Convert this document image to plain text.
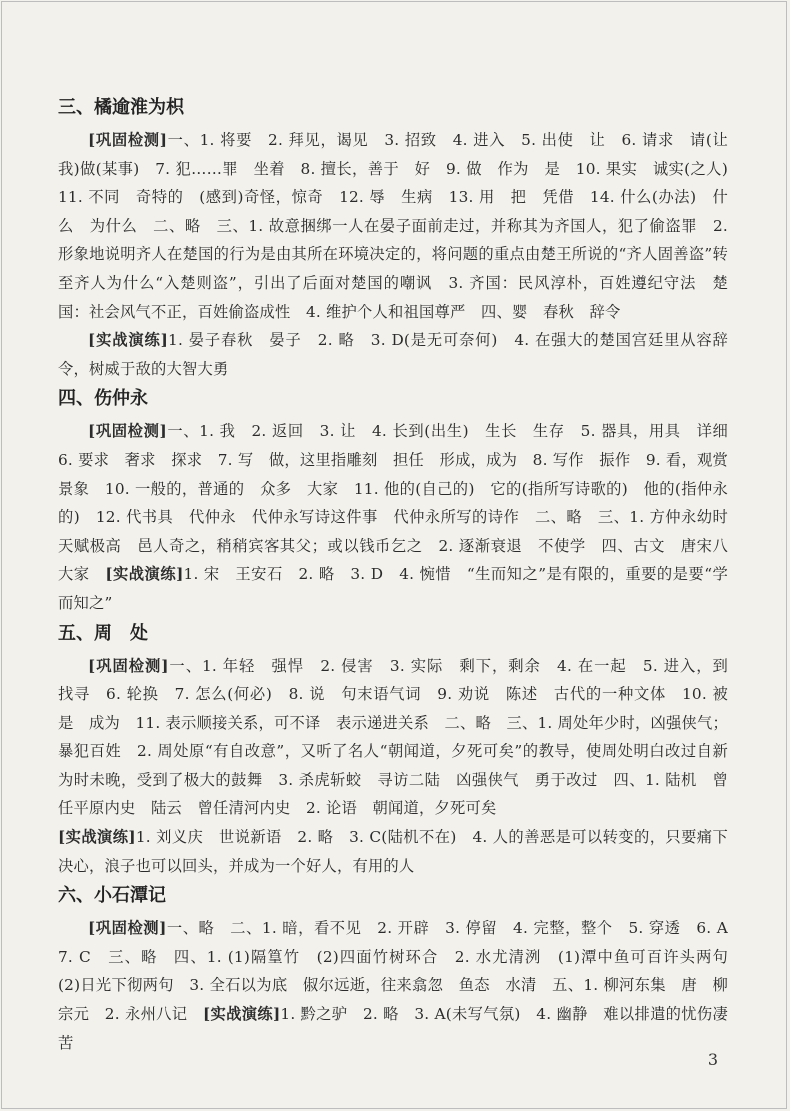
三、橘逾淮为枳

[巩固检测]一、1. 将要　2. 拜见，谒见　3. 招致　4. 进入　5. 出使　让　6. 请求　请(让我)做(某事)　7. 犯……罪　坐着　8. 擅长，善于　好　9. 做　作为　是　10. 果实　诚实(之人)　11. 不同　奇特的　(感到)奇怪，惊奇　12. 辱　生病　13. 用　把　凭借　14. 什么(办法)　什么　为什么　二、略　三、1. 故意捆绑一人在晏子面前走过，并称其为齐国人，犯了偷盗罪　2. 形象地说明齐人在楚国的行为是由其所在环境决定的，将问题的重点由楚王所说的“齐人固善盗”转至齐人为什么“入楚则盗”，引出了后面对楚国的嘲讽　3. 齐国：民风淳朴，百姓遵纪守法　楚国：社会风气不正，百姓偷盗成性　4. 维护个人和祖国尊严　四、婴　春秋　辞令

[实战演练]1. 晏子春秋　晏子　2. 略　3. D(是无可奈何)　4. 在强大的楚国宫廷里从容辞令，树威于敌的大智大勇

四、伤仲永

[巩固检测]一、1. 我　2. 返回　3. 让　4. 长到(出生)　生长　生存　5. 器具，用具　详细　6. 要求　奢求　探求　7. 写　做，这里指雕刻　担任　形成，成为　8. 写作　振作　9. 看，观赏　景象　10. 一般的，普通的　众多　大家　11. 他的(自己的)　它的(指所写诗歌的)　他的(指仲永的)　12. 代书具　代仲永　代仲永写诗这件事　代仲永所写的诗作　二、略　三、1. 方仲永幼时天赋极高　邑人奇之，稍稍宾客其父；或以钱币乞之　2. 逐渐衰退　不使学　四、古文　唐宋八大家　[实战演练]1. 宋　王安石　2. 略　3. D　4. 惋惜　“生而知之”是有限的，重要的是要“学而知之”

五、周　处

[巩固检测]一、1. 年轻　强悍　2. 侵害　3. 实际　剩下，剩余　4. 在一起　5. 进入，到　找寻　6. 轮换　7. 怎么(何必)　8. 说　句末语气词　9. 劝说　陈述　古代的一种文体　10. 被　是　成为　11. 表示顺接关系，可不译　表示递进关系　二、略　三、1. 周处年少时，凶强侠气；暴犯百姓　2. 周处原“有自改意”，又听了名人“朝闻道，夕死可矣”的教导，使周处明白改过自新为时未晚，受到了极大的鼓舞　3. 杀虎斩蛟　寻访二陆　凶强侠气　勇于改过　四、1. 陆机　曾任平原内史　陆云　曾任清河内史　2. 论语　朝闻道，夕死可矣

[实战演练]1. 刘义庆　世说新语　2. 略　3. C(陆机不在)　4. 人的善恶是可以转变的，只要痛下决心，浪子也可以回头，并成为一个好人，有用的人

六、小石潭记

[巩固检测]一、略　二、1. 暗，看不见　2. 开辟　3. 停留　4. 完整，整个　5. 穿透　6. A　7. C　三、略　四、1. (1)隔篁竹　(2)四面竹树环合　2. 水尤清洌　(1)潭中鱼可百许头两句　(2)日光下彻两句　3. 全石以为底　俶尔远逝，往来翕忽　鱼态　水清　五、1. 柳河东集　唐　柳宗元　2. 永州八记　[实战演练]1. 黔之驴　2. 略　3. A(未写气氛)　4. 幽静　难以排遣的忧伤凄苦

3
